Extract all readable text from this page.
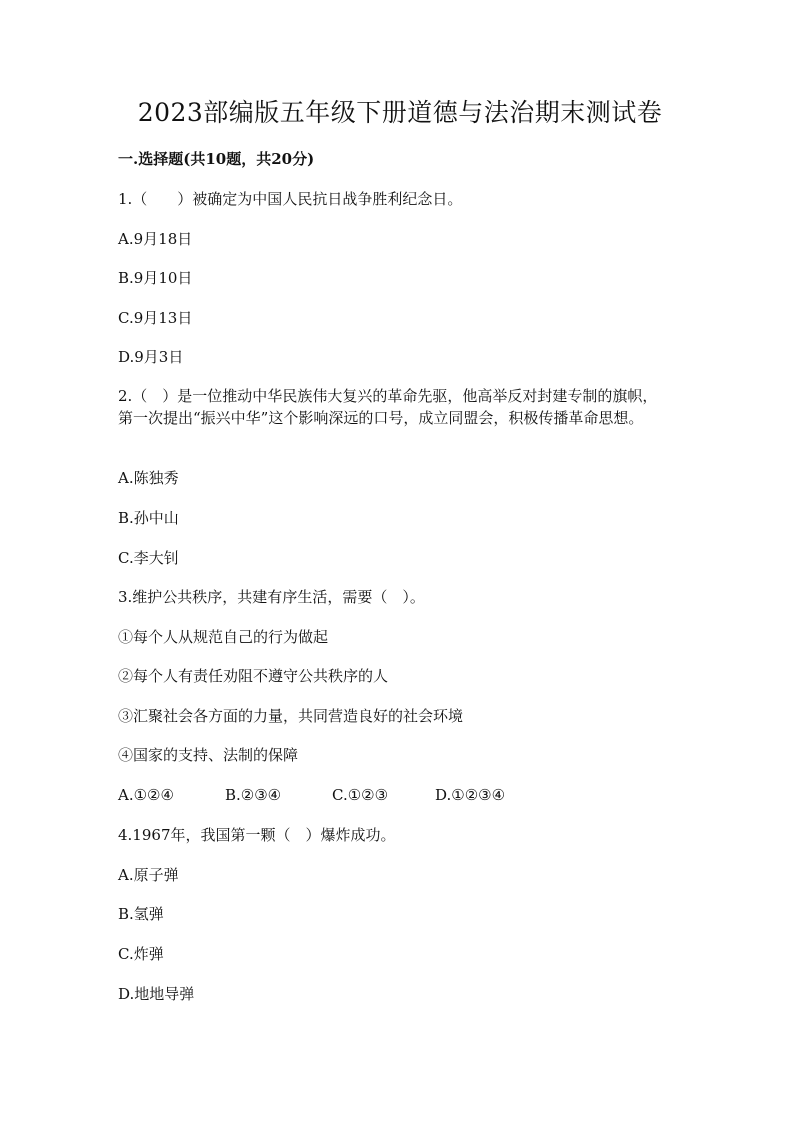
2023部编版五年级下册道德与法治期末测试卷
一.选择题(共10题，共20分)
1.（　　）被确定为中国人民抗日战争胜利纪念日。
A.9月18日
B.9月10日
C.9月13日
D.9月3日
2.（　）是一位推动中华民族伟大复兴的革命先驱，他高举反对封建专制的旗帜，第一次提出“振兴中华”这个影响深远的口号，成立同盟会，积极传播革命思想。
A.陈独秀
B.孙中山
C.李大钊
3.维护公共秩序，共建有序生活，需要（　）。
①每个人从规范自己的行为做起
②每个人有责任劝阻不遵守公共秩序的人
③汇聚社会各方面的力量，共同营造良好的社会环境
④国家的支持、法制的保障
A.①②④	B.②③④	C.①②③	D.①②③④
4.1967年，我国第一颗（　）爆炸成功。
A.原子弹
B.氢弹
C.炸弹
D.地地导弹
